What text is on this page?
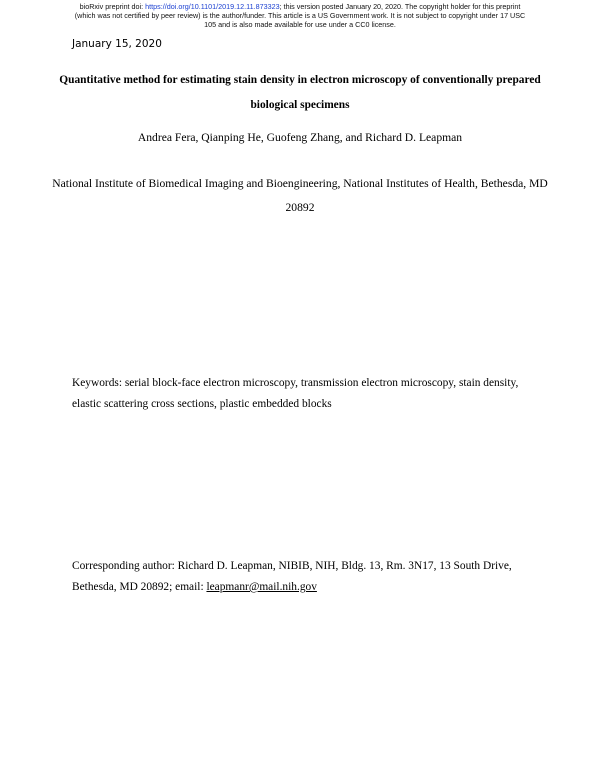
bioRxiv preprint doi: https://doi.org/10.1101/2019.12.11.873323; this version posted January 20, 2020. The copyright holder for this preprint
(which was not certified by peer review) is the author/funder. This article is a US Government work. It is not subject to copyright under 17 USC
105 and is also made available for use under a CC0 license.
January 15, 2020
Quantitative method for estimating stain density in electron microscopy of conventionally prepared biological specimens
Andrea Fera, Qianping He, Guofeng Zhang, and Richard D. Leapman
National Institute of Biomedical Imaging and Bioengineering, National Institutes of Health, Bethesda, MD 20892
Keywords: serial block-face electron microscopy, transmission electron microscopy, stain density, elastic scattering cross sections, plastic embedded blocks
Corresponding author: Richard D. Leapman, NIBIB, NIH, Bldg. 13, Rm. 3N17, 13 South Drive, Bethesda, MD 20892; email: leapmanr@mail.nih.gov
